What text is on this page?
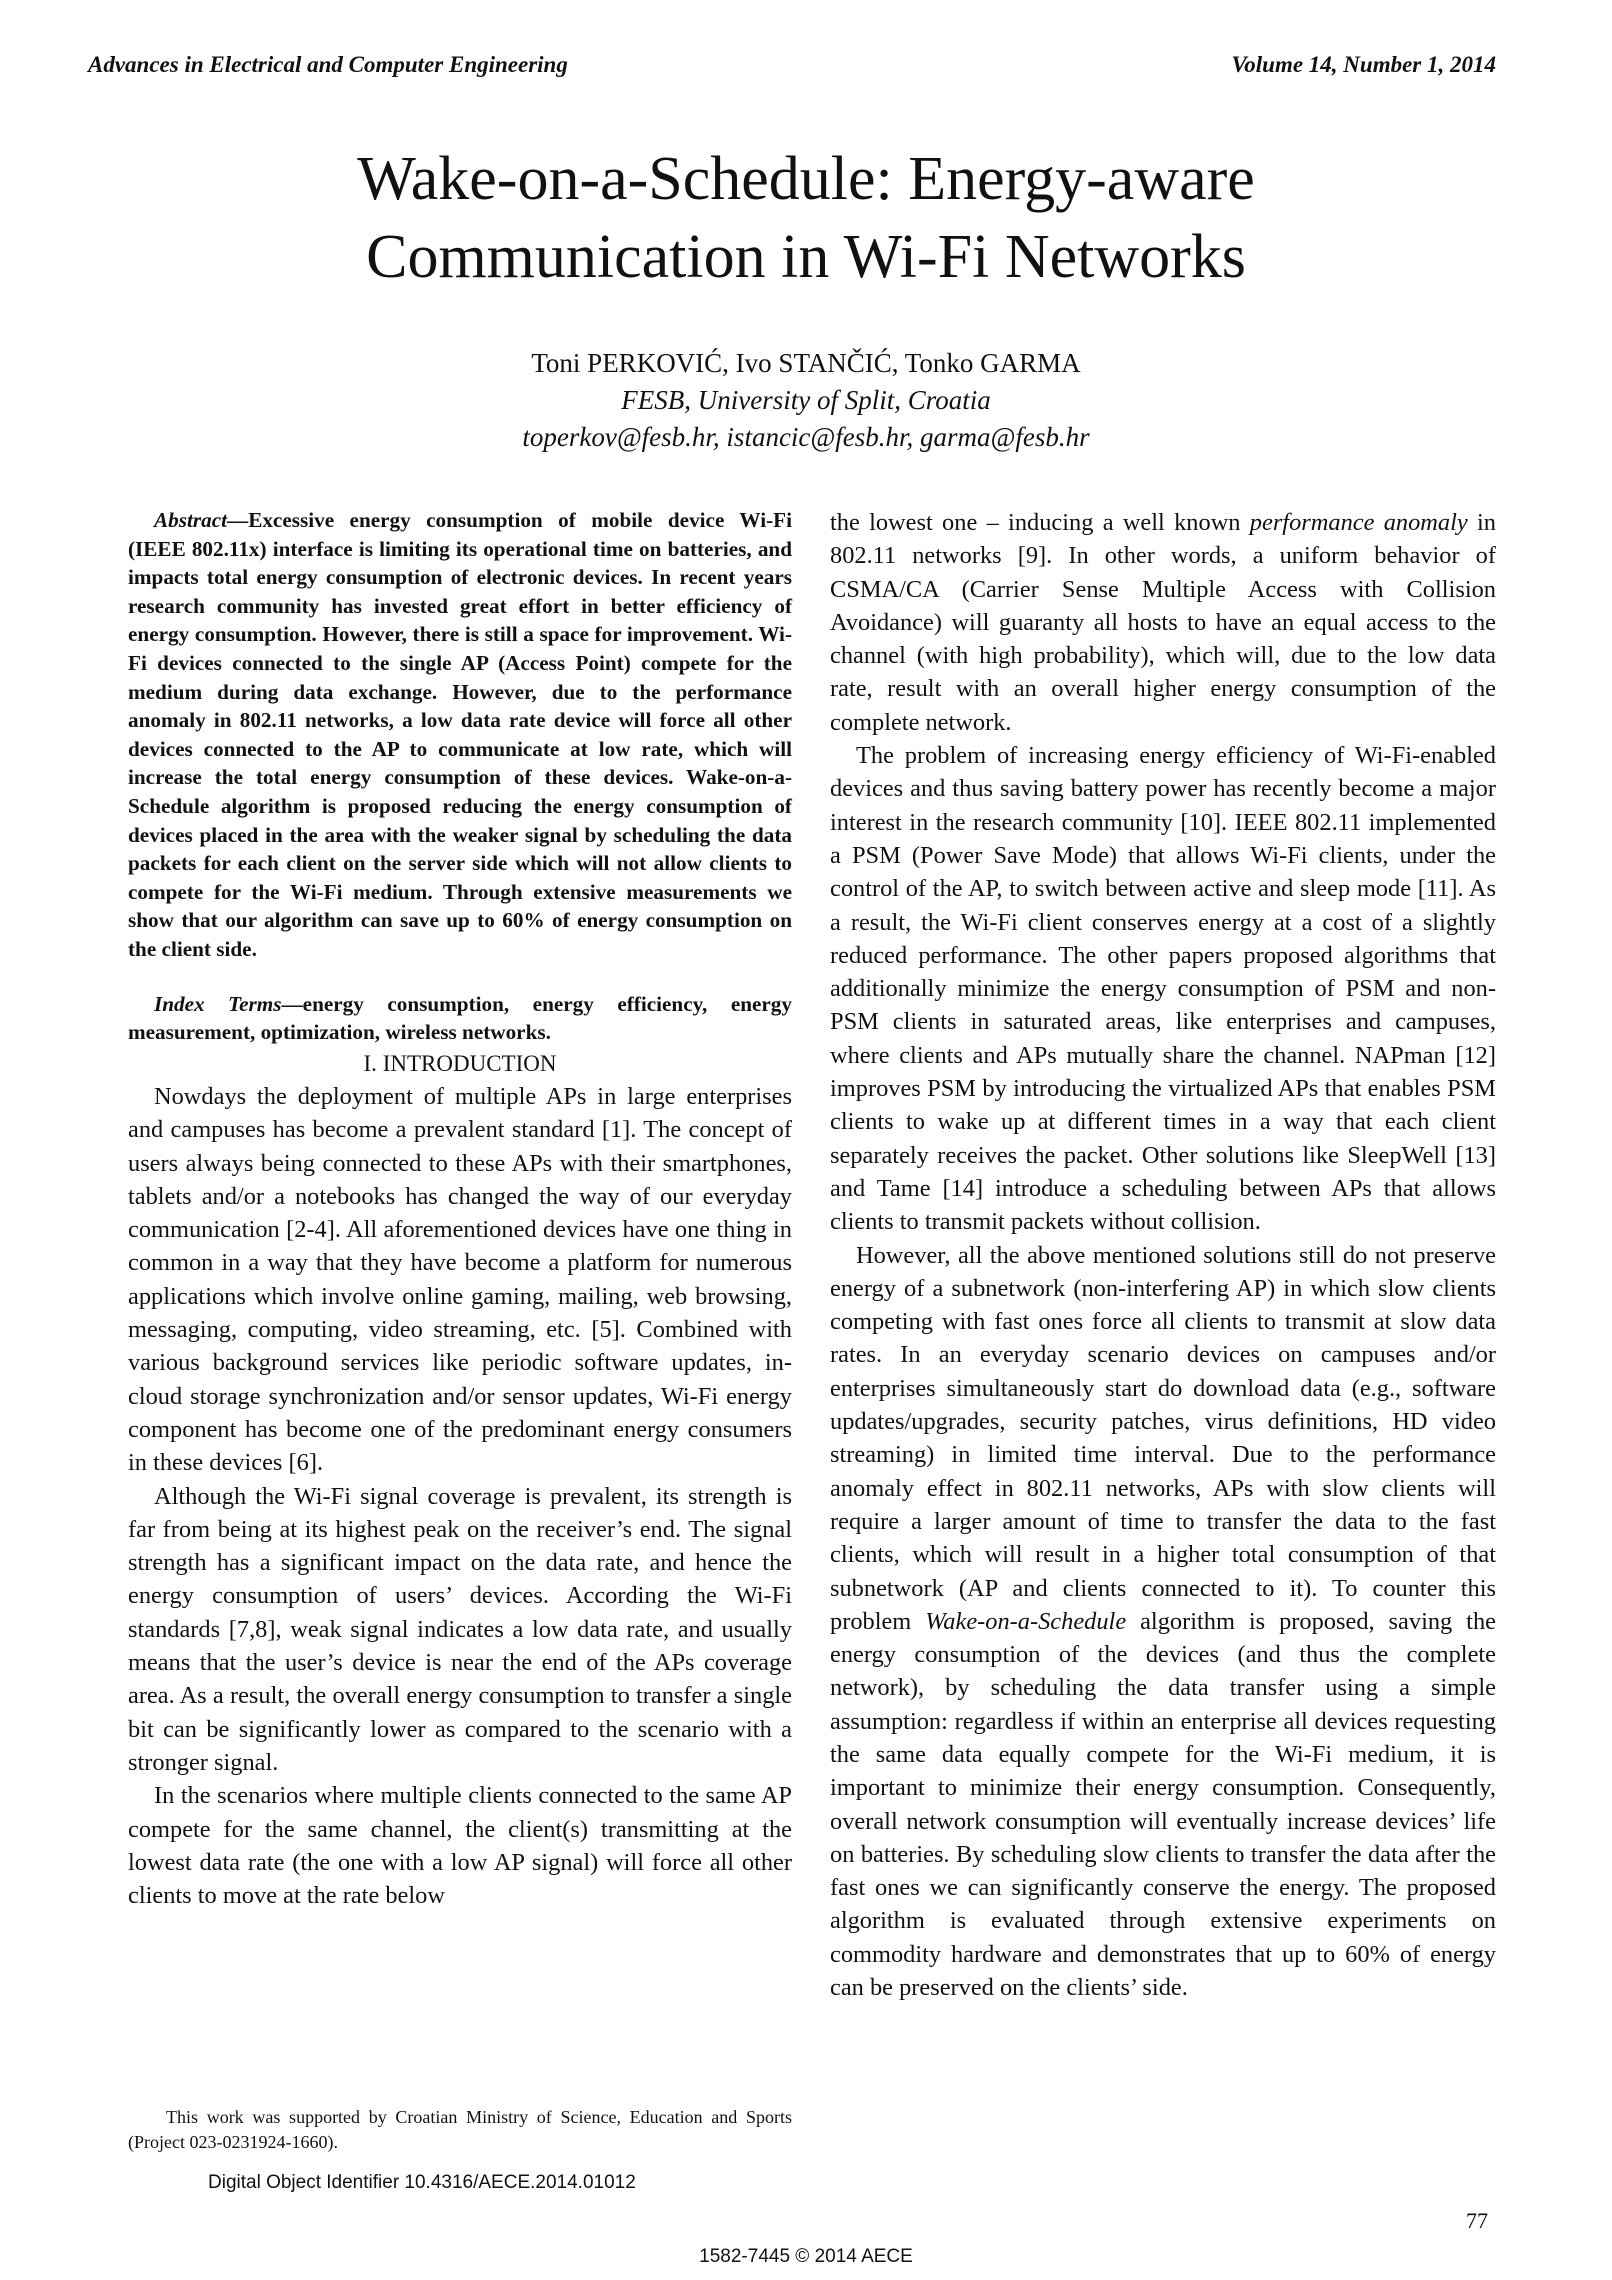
Advances in Electrical and Computer Engineering	Volume 14, Number 1, 2014
Wake-on-a-Schedule: Energy-aware
Communication in Wi-Fi Networks
Toni PERKOVIĆ, Ivo STANČIĆ, Tonko GARMA
FESB, University of Split, Croatia
toperkov@fesb.hr, istancic@fesb.hr, garma@fesb.hr

Abstract—Excessive energy consumption of mobile device Wi-Fi (IEEE 802.11x) interface is limiting its operational time on batteries, and impacts total energy consumption of electronic devices. In recent years research community has invested great effort in better efficiency of energy consumption. However, there is still a space for improvement. Wi-Fi devices connected to the single AP (Access Point) compete for the medium during data exchange. However, due to the performance anomaly in 802.11 networks, a low data rate device will force all other devices connected to the AP to communicate at low rate, which will increase the total energy consumption of these devices. Wake-on-a-Schedule algorithm is proposed reducing the energy consumption of devices placed in the area with the weaker signal by scheduling the data packets for each client on the server side which will not allow clients to compete for the Wi-Fi medium. Through extensive measurements we show that our algorithm can save up to 60% of energy consumption on the client side.

Index Terms—energy consumption, energy efficiency, energy measurement, optimization, wireless networks.

I. INTRODUCTION

Nowdays the deployment of multiple APs in large enterprises and campuses has become a prevalent standard [1]. The concept of users always being connected to these APs with their smartphones, tablets and/or a notebooks has changed the way of our everyday communication [2-4]. All aforementioned devices have one thing in common in a way that they have become a platform for numerous applications which involve online gaming, mailing, web browsing, messaging, computing, video streaming, etc. [5]. Combined with various background services like periodic software updates, in-cloud storage synchronization and/or sensor updates, Wi-Fi energy component has become one of the predominant energy consumers in these devices [6].

Although the Wi-Fi signal coverage is prevalent, its strength is far from being at its highest peak on the receiver’s end. The signal strength has a significant impact on the data rate, and hence the energy consumption of users’ devices. According the Wi-Fi standards [7,8], weak signal indicates a low data rate, and usually means that the user’s device is near the end of the APs coverage area. As a result, the overall energy consumption to transfer a single bit can be significantly lower as compared to the scenario with a stronger signal.

In the scenarios where multiple clients connected to the same AP compete for the same channel, the client(s) transmitting at the lowest data rate (the one with a low AP signal) will force all other clients to move at the rate below

This work was supported by Croatian Ministry of Science, Education and Sports (Project 023-0231924-1660).

Digital Object Identifier 10.4316/AECE.2014.01012

the lowest one – inducing a well known performance anomaly in 802.11 networks [9]. In other words, a uniform behavior of CSMA/CA (Carrier Sense Multiple Access with Collision Avoidance) will guaranty all hosts to have an equal access to the channel (with high probability), which will, due to the low data rate, result with an overall higher energy consumption of the complete network.

The problem of increasing energy efficiency of Wi-Fi-enabled devices and thus saving battery power has recently become a major interest in the research community [10]. IEEE 802.11 implemented a PSM (Power Save Mode) that allows Wi-Fi clients, under the control of the AP, to switch between active and sleep mode [11]. As a result, the Wi-Fi client conserves energy at a cost of a slightly reduced performance. The other papers proposed algorithms that additionally minimize the energy consumption of PSM and non-PSM clients in saturated areas, like enterprises and campuses, where clients and APs mutually share the channel. NAPman [12] improves PSM by introducing the virtualized APs that enables PSM clients to wake up at different times in a way that each client separately receives the packet. Other solutions like SleepWell [13] and Tame [14] introduce a scheduling between APs that allows clients to transmit packets without collision.

However, all the above mentioned solutions still do not preserve energy of a subnetwork (non-interfering AP) in which slow clients competing with fast ones force all clients to transmit at slow data rates. In an everyday scenario devices on campuses and/or enterprises simultaneously start do download data (e.g., software updates/upgrades, security patches, virus definitions, HD video streaming) in limited time interval. Due to the performance anomaly effect in 802.11 networks, APs with slow clients will require a larger amount of time to transfer the data to the fast clients, which will result in a higher total consumption of that subnetwork (AP and clients connected to it). To counter this problem Wake-on-a-Schedule algorithm is proposed, saving the energy consumption of the devices (and thus the complete network), by scheduling the data transfer using a simple assumption: regardless if within an enterprise all devices requesting the same data equally compete for the Wi-Fi medium, it is important to minimize their energy consumption. Consequently, overall network consumption will eventually increase devices’ life on batteries. By scheduling slow clients to transfer the data after the fast ones we can significantly conserve the energy. The proposed algorithm is evaluated through extensive experiments on commodity hardware and demonstrates that up to 60% of energy can be preserved on the clients’ side.

77
1582-7445 © 2014 AECE
